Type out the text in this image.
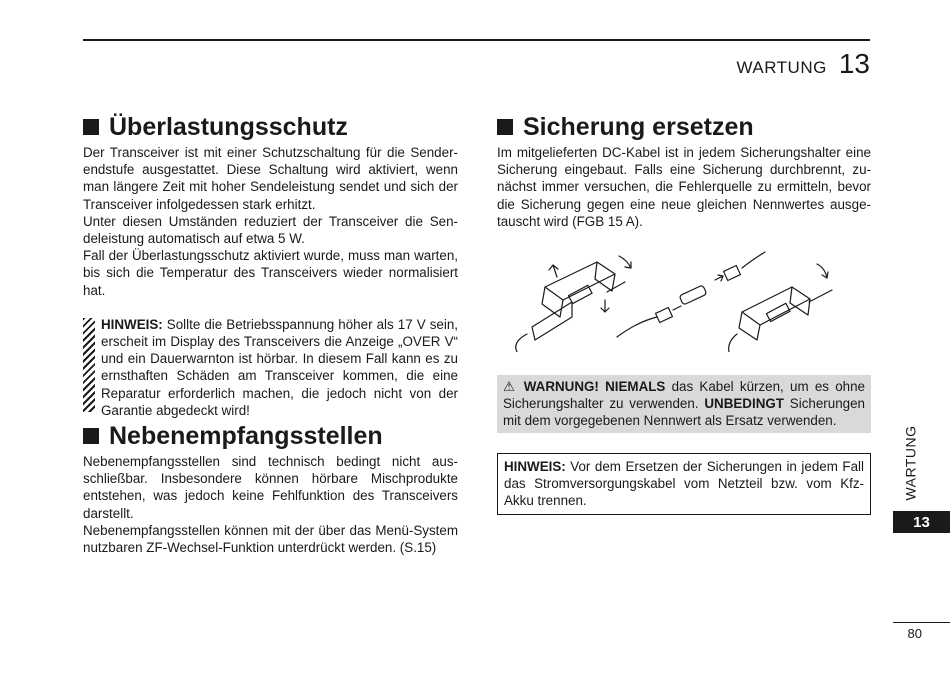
WARTUNG 13
Überlastungsschutz

Der Transceiver ist mit einer Schutzschaltung für die Senderendstufe ausgestattet. Diese Schaltung wird aktiviert, wenn man längere Zeit mit hoher Sendeleistung sendet und sich der Transceiver infolgedessen stark erhitzt.
Unter diesen Umständen reduziert der Transceiver die Sendeleistung automatisch auf etwa 5 W.
Fall der Überlastungsschutz aktiviert wurde, muss man warten, bis sich die Temperatur des Transceivers wieder normalisiert hat.

HINWEIS: Sollte die Betriebsspannung höher als 17 V sein, erscheit im Display des Transceivers die Anzeige „OVER V“ und ein Dauerwarnton ist hörbar. In diesem Fall kann es zu ernsthaften Schäden am Transceiver kommen, die eine Reparatur erforderlich machen, die jedoch nicht von der Garantie abgedeckt wird!

Nebenempfangsstellen

Nebenempfangsstellen sind technisch bedingt nicht ausschließbar. Insbesondere können hörbare Mischprodukte entstehen, was jedoch keine Fehlfunktion des Transceivers darstellt.
Nebenempfangsstellen können mit der über das Menü-System nutzbaren ZF-Wechsel-Funktion unterdrückt werden. (S.15)

Sicherung ersetzen

Im mitgelieferten DC-Kabel ist in jedem Sicherungshalter eine Sicherung eingebaut. Falls eine Sicherung durchbrennt, zunächst immer versuchen, die Fehlerquelle zu ermitteln, bevor die Sicherung gegen eine neue gleichen Nennwertes ausgetauscht wird (FGB 15 A).

⚠ WARNUNG! NIEMALS das Kabel kürzen, um es ohne Sicherungshalter zu verwenden. UNBEDINGT Sicherungen mit dem vorgegebenen Nennwert als Ersatz verwenden.
HINWEIS: Vor dem Ersetzen der Sicherungen in jedem Fall das Stromversorgungskabel vom Netzteil bzw. vom Kfz-Akku trennen.	WARTUNG
13
80
